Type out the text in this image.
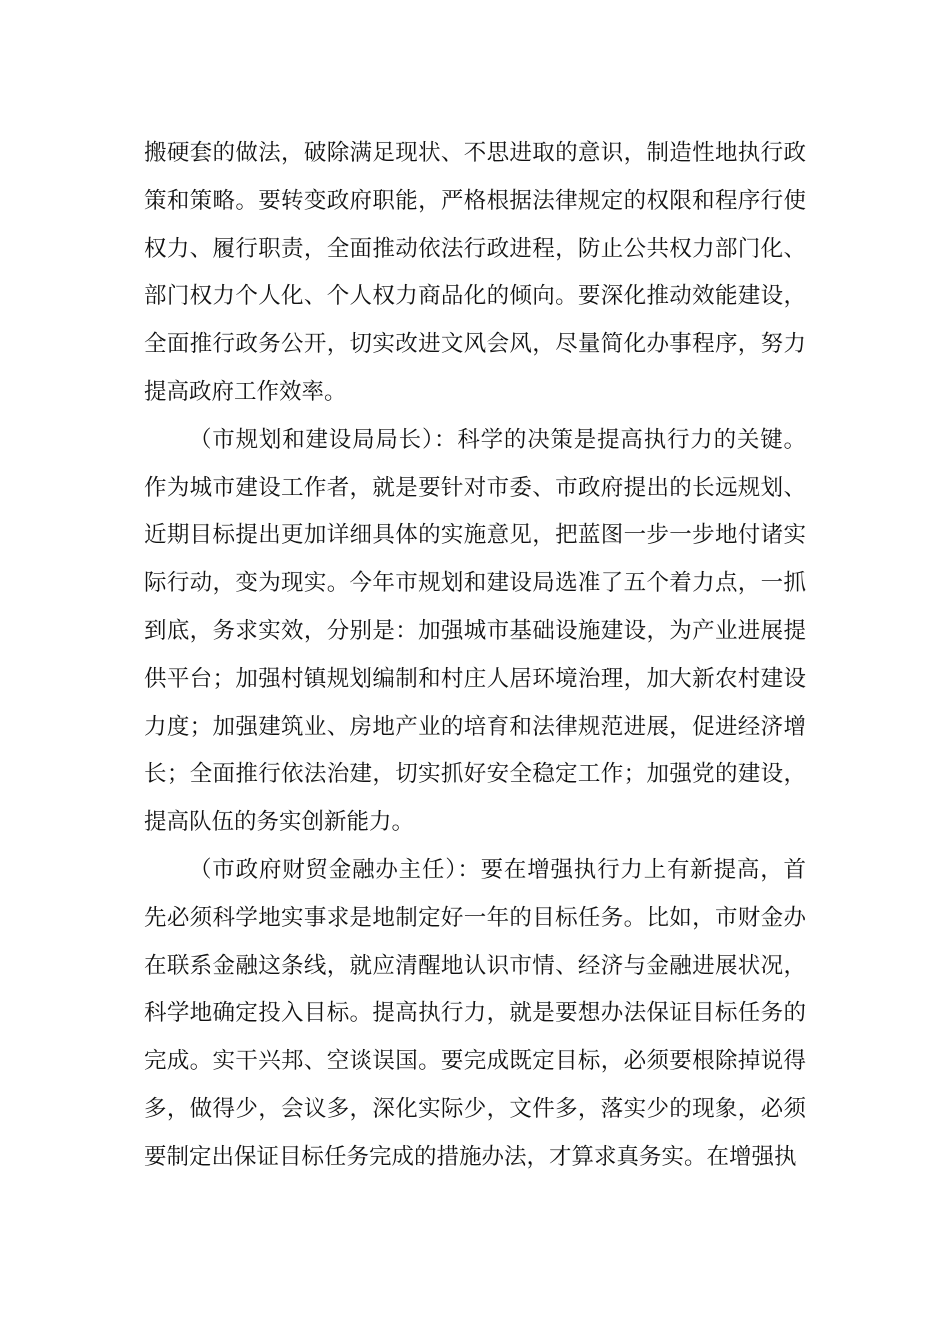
搬硬套的做法，破除满足现状、不思进取的意识，制造性地执行政策和策略。要转变政府职能，严格根据法律规定的权限和程序行使权力、履行职责，全面推动依法行政进程，防止公共权力部门化、部门权力个人化、个人权力商品化的倾向。要深化推动效能建设，全面推行政务公开，切实改进文风会风，尽量简化办事程序，努力提高政府工作效率。

（市规划和建设局局长）：科学的决策是提高执行力的关键。作为城市建设工作者，就是要针对市委、市政府提出的长远规划、近期目标提出更加详细具体的实施意见，把蓝图一步一步地付诸实际行动，变为现实。今年市规划和建设局选准了五个着力点，一抓到底，务求实效，分别是：加强城市基础设施建设，为产业进展提供平台；加强村镇规划编制和村庄人居环境治理，加大新农村建设力度；加强建筑业、房地产业的培育和法律规范进展，促进经济增长；全面推行依法治建，切实抓好安全稳定工作；加强党的建设，提高队伍的务实创新能力。

（市政府财贸金融办主任）：要在增强执行力上有新提高，首先必须科学地实事求是地制定好一年的目标任务。比如，市财金办在联系金融这条线，就应清醒地认识市情、经济与金融进展状况，科学地确定投入目标。提高执行力，就是要想办法保证目标任务的完成。实干兴邦、空谈误国。要完成既定目标，必须要根除掉说得多，做得少，会议多，深化实际少，文件多，落实少的现象，必须要制定出保证目标任务完成的措施办法，才算求真务实。在增强执
